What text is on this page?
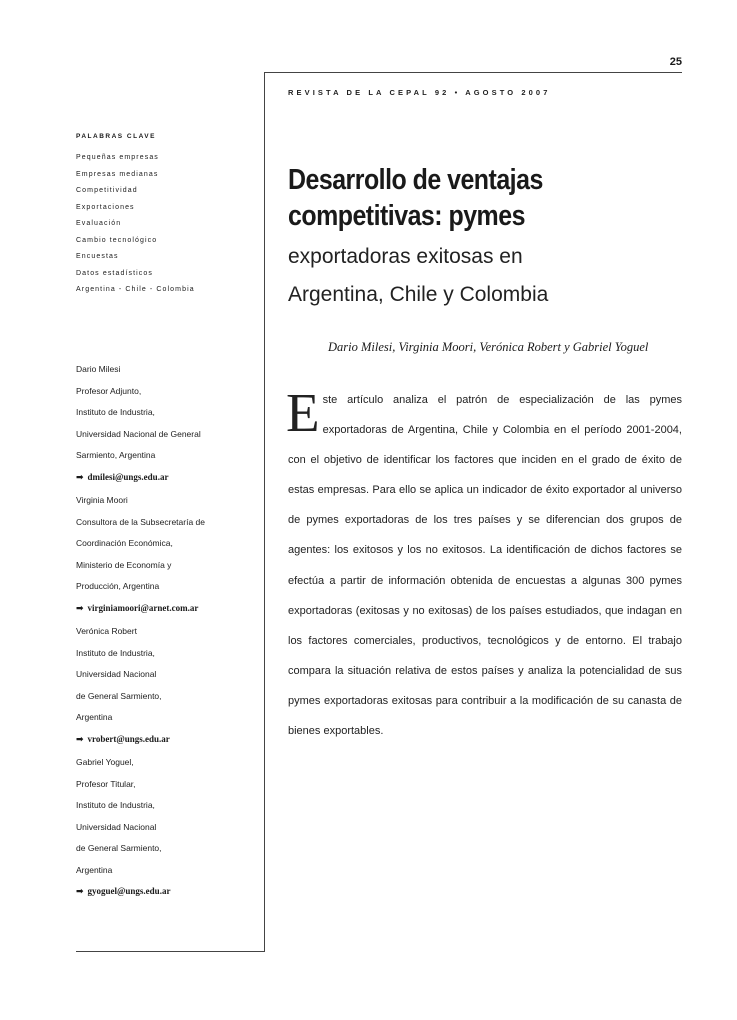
25
REVISTA DE LA CEPAL 92 • AGOSTO 2007
PALABRAS CLAVE
Pequeñas empresas
Empresas medianas
Competitividad
Exportaciones
Evaluación
Cambio tecnológico
Encuestas
Datos estadísticos
Argentina - Chile - Colombia
Desarrollo de ventajas
competitivas: pymes
exportadoras exitosas en
Argentina, Chile y Colombia
Dario Milesi, Virginia Moori, Verónica Robert y Gabriel Yoguel
Este artículo analiza el patrón de especialización de las pymes exportadoras de Argentina, Chile y Colombia en el período 2001-2004, con el objetivo de identificar los factores que inciden en el grado de éxito de estas empresas. Para ello se aplica un indicador de éxito exportador al universo de pymes exportadoras de los tres países y se diferencian dos grupos de agentes: los exitosos y los no exitosos. La identificación de dichos factores se efectúa a partir de información obtenida de encuestas a algunas 300 pymes exportadoras (exitosas y no exitosas) de los países estudiados, que indagan en los factores comerciales, productivos, tecnológicos y de entorno. El trabajo compara la situación relativa de estos países y analiza la potencialidad de sus pymes exportadoras exitosas para contribuir a la modificación de su canasta de bienes exportables.
Dario Milesi
Profesor Adjunto,
Instituto de Industria,
Universidad Nacional de General
Sarmiento, Argentina
➡ dmilesi@ungs.edu.ar
Virginia Moori
Consultora de la Subsecretaría de
Coordinación Económica,
Ministerio de Economía y
Producción, Argentina
➡ virginiamoori@arnet.com.ar
Verónica Robert
Instituto de Industria,
Universidad Nacional
de General Sarmiento,
Argentina
➡ vrobert@ungs.edu.ar
Gabriel Yoguel,
Profesor Titular,
Instituto de Industria,
Universidad Nacional
de General Sarmiento,
Argentina
➡ gyoguel@ungs.edu.ar
